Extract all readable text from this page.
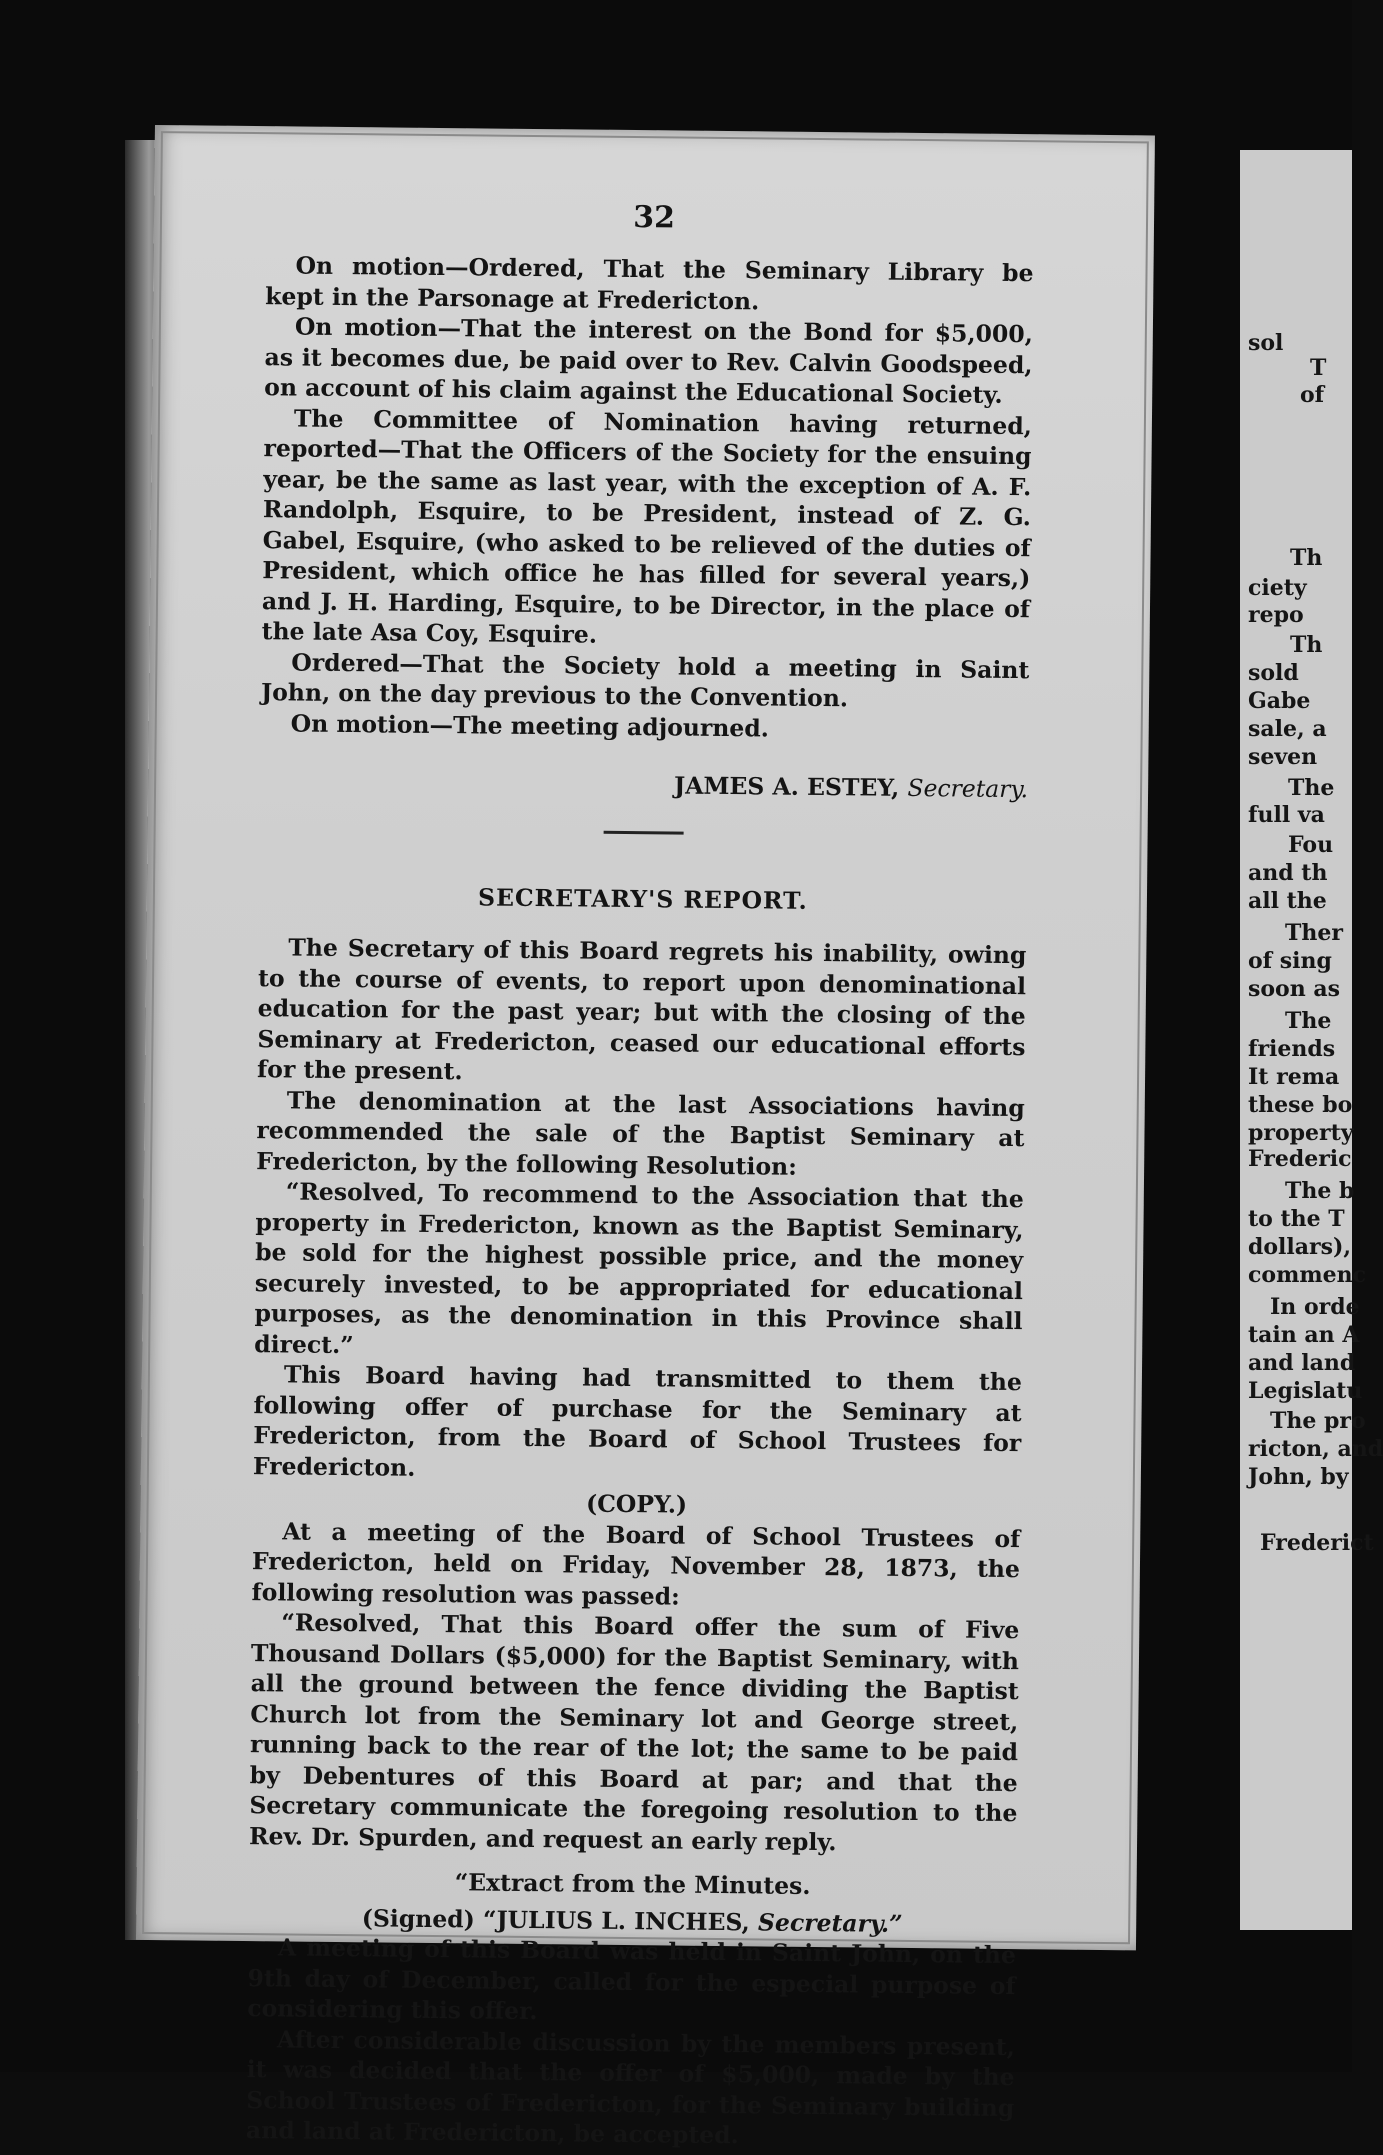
32

On motion—Ordered, That the Seminary Library be kept in the Parsonage at Fredericton.

On motion—That the interest on the Bond for $5,000, as it becomes due, be paid over to Rev. Calvin Goodspeed, on account of his claim against the Educational Society.

The Committee of Nomination having returned, reported—That the Officers of the Society for the ensuing year, be the same as last year, with the exception of A. F. Randolph, Esquire, to be President, instead of Z. G. Gabel, Esquire, (who asked to be relieved of the duties of President, which office he has filled for several years,) and J. H. Harding, Esquire, to be Director, in the place of the late Asa Coy, Esquire.

Ordered—That the Society hold a meeting in Saint John, on the day previous to the Convention.

On motion—The meeting adjourned.

JAMES A. ESTEY, Secretary.
SECRETARY'S REPORT.

The Secretary of this Board regrets his inability, owing to the course of events, to report upon denominational education for the past year; but with the closing of the Seminary at Fredericton, ceased our educational efforts for the present.

The denomination at the last Associations having recommended the sale of the Baptist Seminary at Fredericton, by the following Resolution:

“Resolved, To recommend to the Association that the property in Fredericton, known as the Baptist Seminary, be sold for the highest possible price, and the money securely invested, to be appropriated for educational purposes, as the denomination in this Province shall direct.”

This Board having had transmitted to them the following offer of purchase for the Seminary at Fredericton, from the Board of School Trustees for Fredericton.

(COPY.)

At a meeting of the Board of School Trustees of Fredericton, held on Friday, November 28, 1873, the following resolution was passed:

“Resolved, That this Board offer the sum of Five Thousand Dollars ($5,000) for the Baptist Seminary, with all the ground between the fence dividing the Baptist Church lot from the Seminary lot and George street, running back to the rear of the lot; the same to be paid by Debentures of this Board at par; and that the Secretary communicate the foregoing resolution to the Rev. Dr. Spurden, and request an early reply.

“Extract from the Minutes.
(Signed) “JULIUS L. INCHES, Secretary.”

A meeting of this Board was held in Saint John, on the 9th day of December, called for the especial purpose of considering this offer.

After considerable discussion by the members present, it was decided that the offer of $5,000, made by the School Trustees of Fredericton, for the Seminary building and land at Fredericton, be accepted.

sol
T
of
Th
ciety
repo
Th
sold
Gabe
sale, a
seven
The
full va
Fou
and th
all the
Ther
of sing
soon as
The
friends
It rema
these bo
property
Frederic
The b
to the T
dollars),
commenc
In orde
tain an A
and land
Legislatu
The pro
ricton, and
John, by
Frederict
